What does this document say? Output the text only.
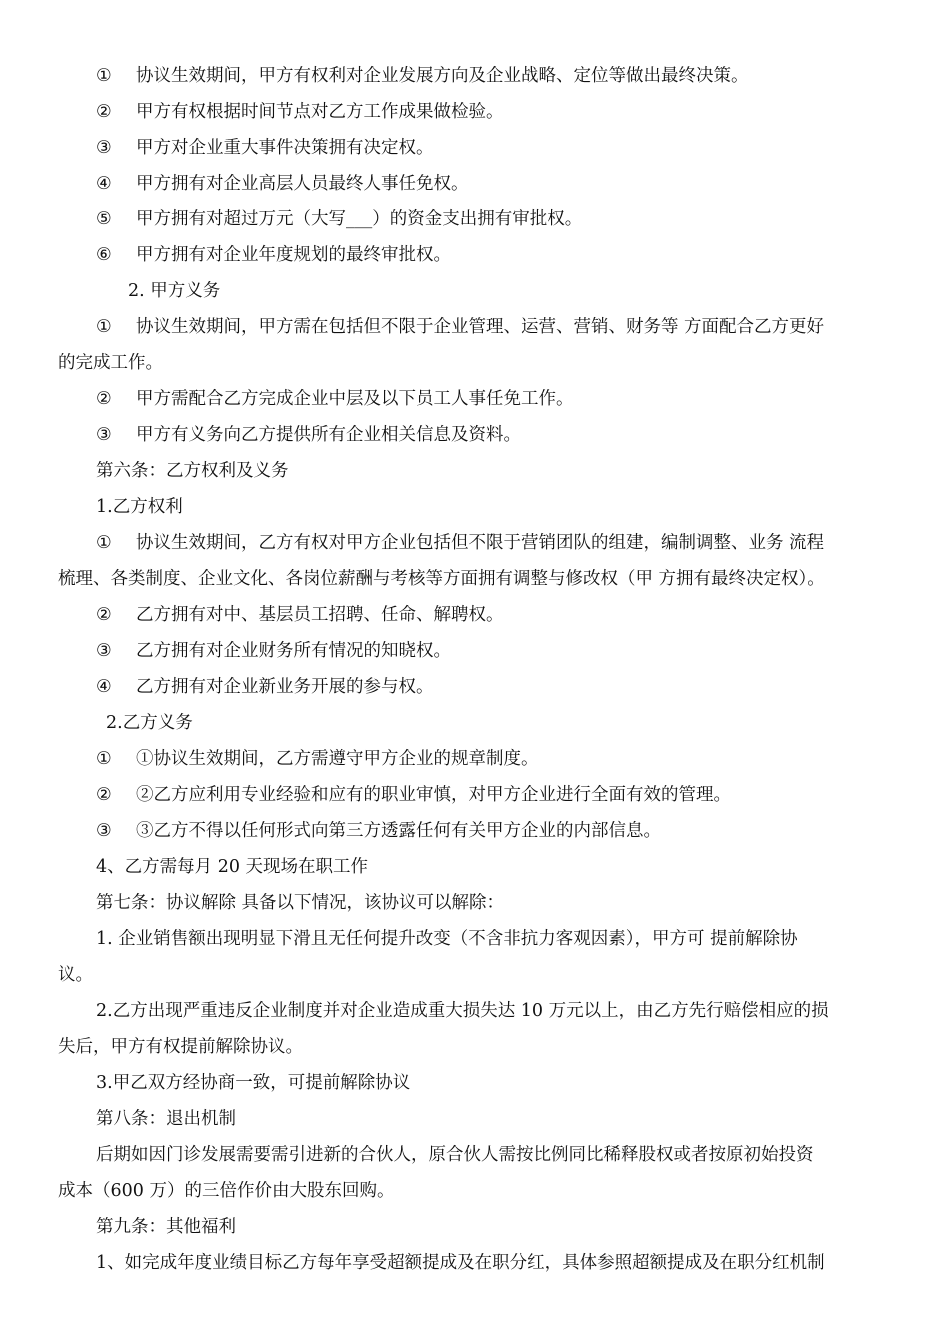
① 协议生效期间，甲方有权利对企业发展方向及企业战略、定位等做出最终决策。

② 甲方有权根据时间节点对乙方工作成果做检验。

③ 甲方对企业重大事件决策拥有决定权。

④ 甲方拥有对企业高层人员最终人事任免权。

⑤ 甲方拥有对超过万元（大写___）的资金支出拥有审批权。

⑥ 甲方拥有对企业年度规划的最终审批权。

2. 甲方义务

① 协议生效期间，甲方需在包括但不限于企业管理、运营、营销、财务等 方面配合乙方更好

的完成工作。

② 甲方需配合乙方完成企业中层及以下员工人事任免工作。

③ 甲方有义务向乙方提供所有企业相关信息及资料。

第六条：乙方权利及义务

1.乙方权利

① 协议生效期间，乙方有权对甲方企业包括但不限于营销团队的组建，编制调整、业务 流程

梳理、各类制度、企业文化、各岗位薪酬与考核等方面拥有调整与修改权（甲 方拥有最终决定权）。

② 乙方拥有对中、基层员工招聘、任命、解聘权。

③ 乙方拥有对企业财务所有情况的知晓权。

④ 乙方拥有对企业新业务开展的参与权。

2.乙方义务

① ①协议生效期间，乙方需遵守甲方企业的规章制度。

② ②乙方应利用专业经验和应有的职业审慎，对甲方企业进行全面有效的管理。

③ ③乙方不得以任何形式向第三方透露任何有关甲方企业的内部信息。

4、乙方需每月 20 天现场在职工作

第七条：协议解除 具备以下情况，该协议可以解除：

1. 企业销售额出现明显下滑且无任何提升改变（不含非抗力客观因素），甲方可 提前解除协

议。

2.乙方出现严重违反企业制度并对企业造成重大损失达 10 万元以上，由乙方先行赔偿相应的损

失后，甲方有权提前解除协议。

3.甲乙双方经协商一致，可提前解除协议

第八条：退出机制

后期如因门诊发展需要需引进新的合伙人，原合伙人需按比例同比稀释股权或者按原初始投资

成本（600 万）的三倍作价由大股东回购。

第九条：其他福利

1、如完成年度业绩目标乙方每年享受超额提成及在职分红，具体参照超额提成及在职分红机制
